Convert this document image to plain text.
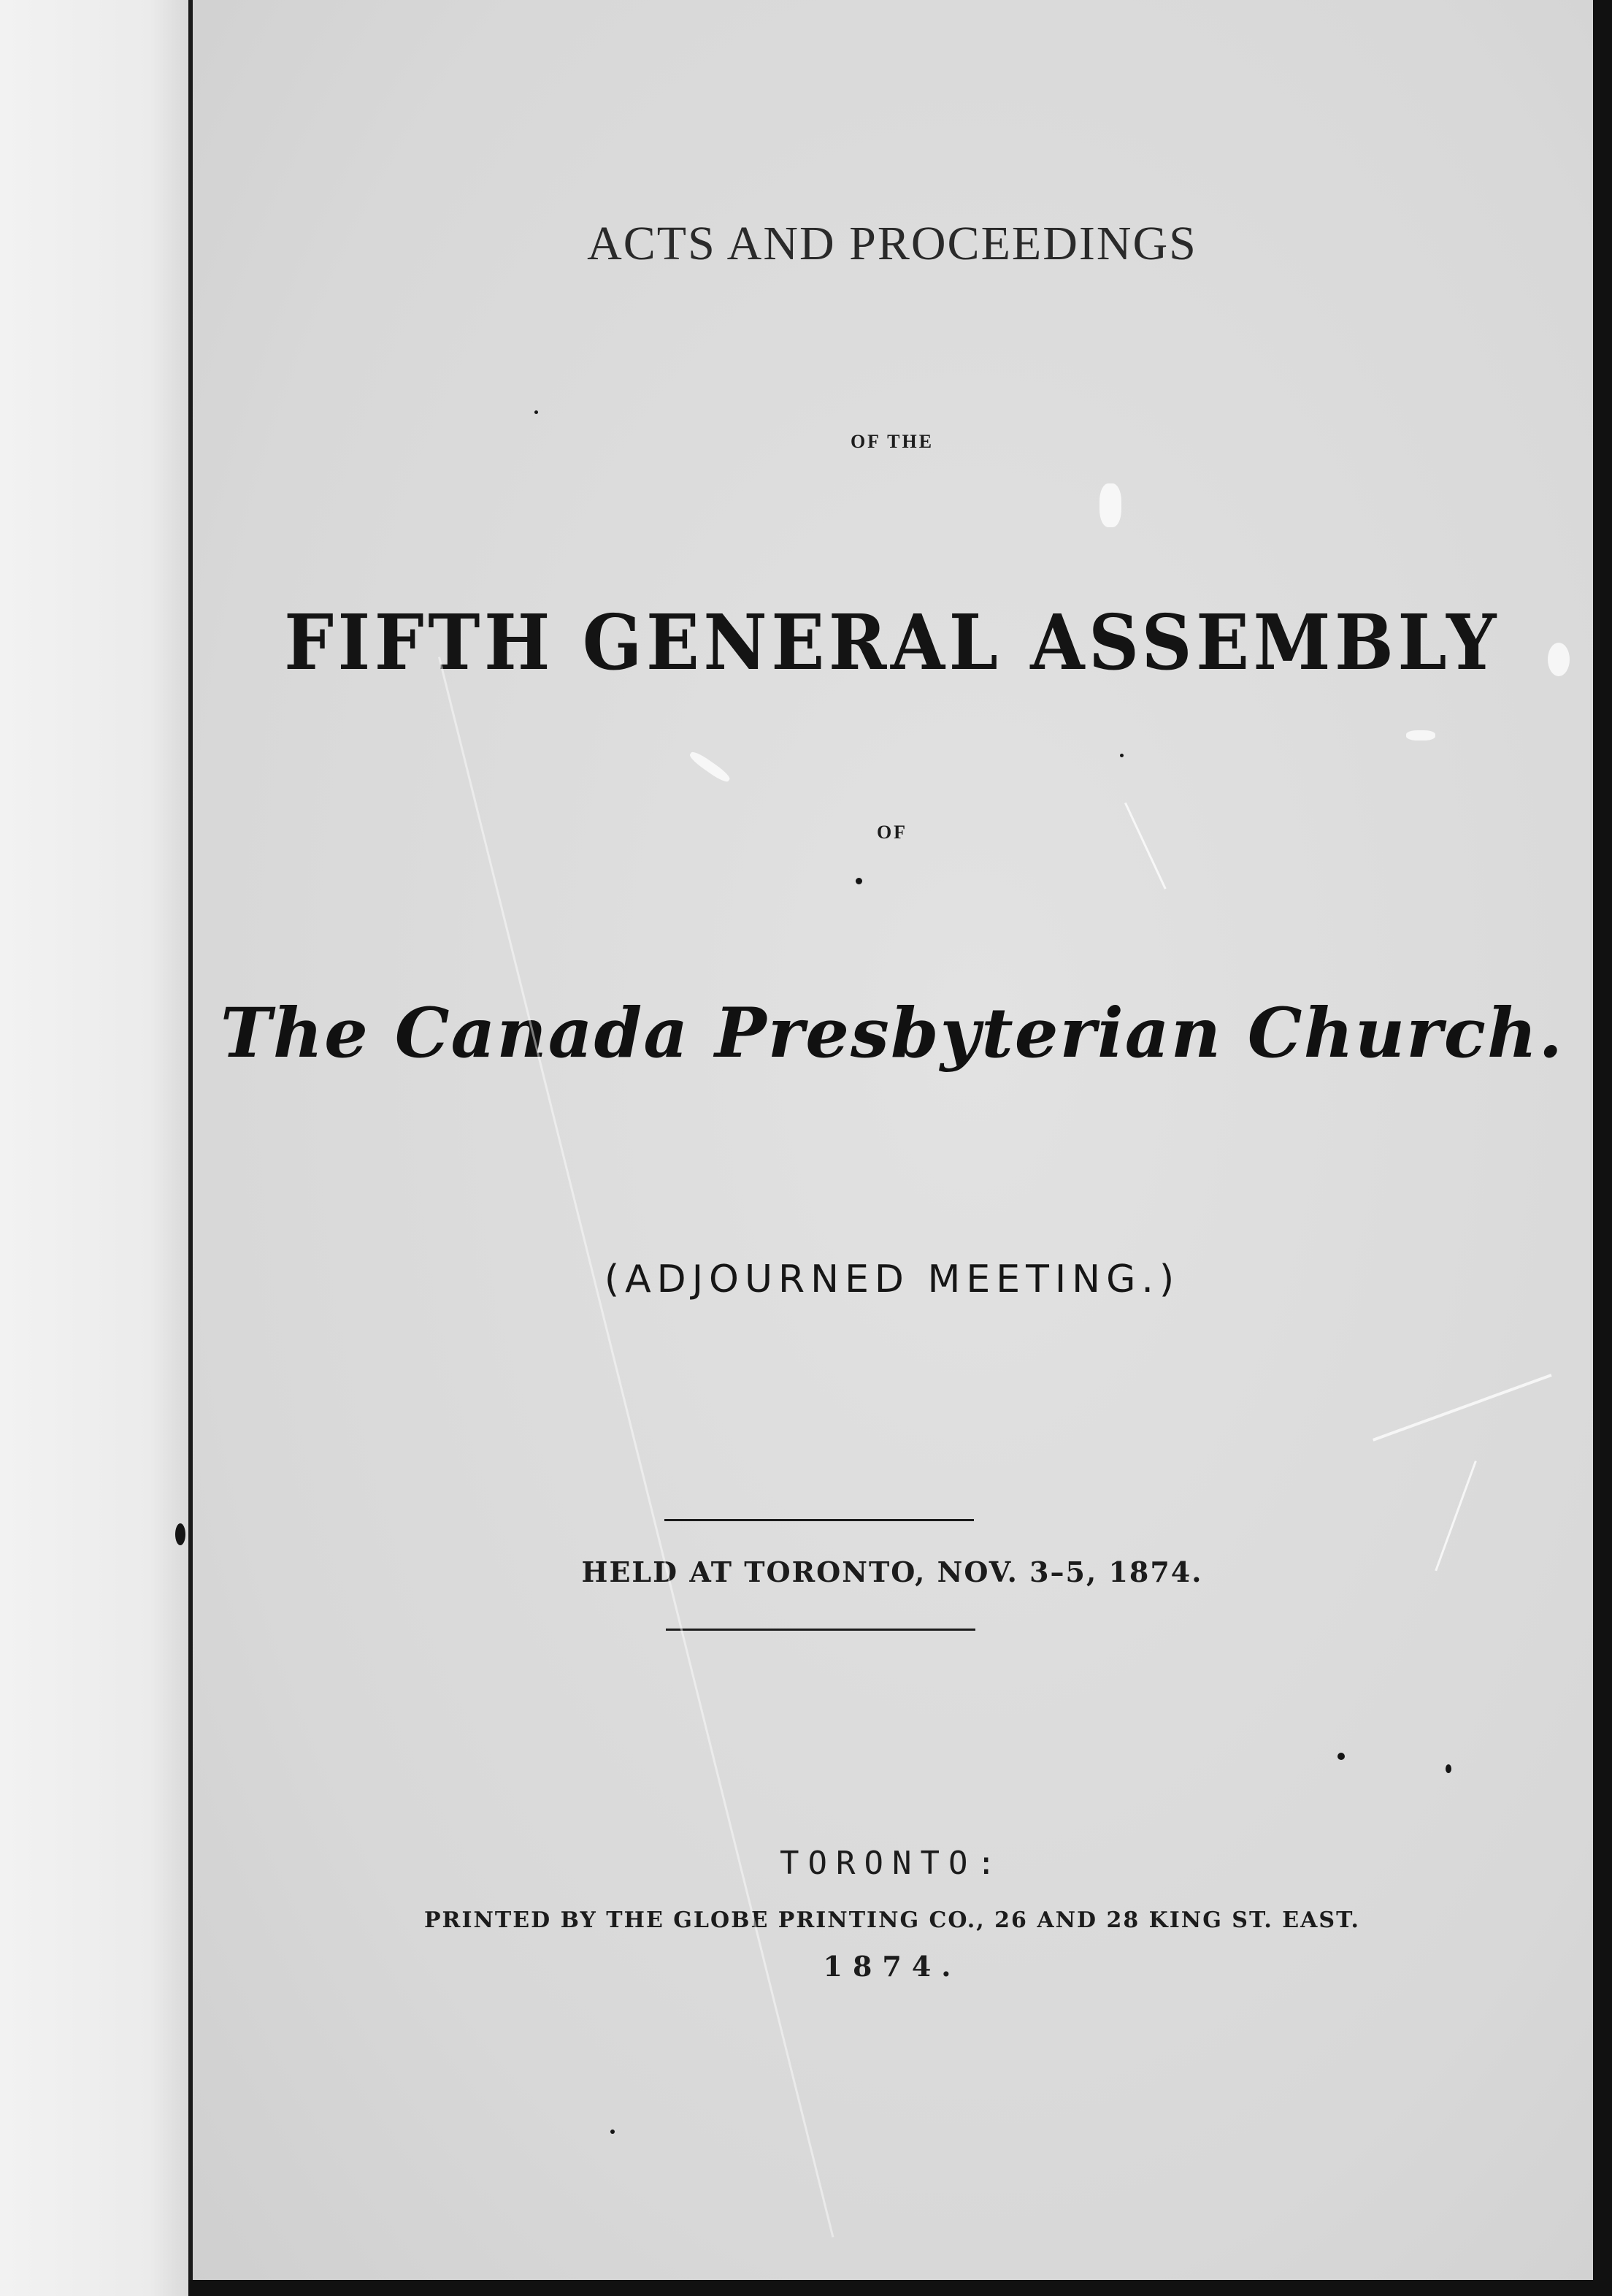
ACTS AND PROCEEDINGS
OF THE
FIFTH GENERAL ASSEMBLY
OF
The Canada Presbyterian Church.
(ADJOURNED MEETING.)
HELD AT TORONTO, NOV. 3–5, 1874.
TORONTO:
PRINTED BY THE GLOBE PRINTING CO., 26 AND 28 KING ST. EAST.
1874.
